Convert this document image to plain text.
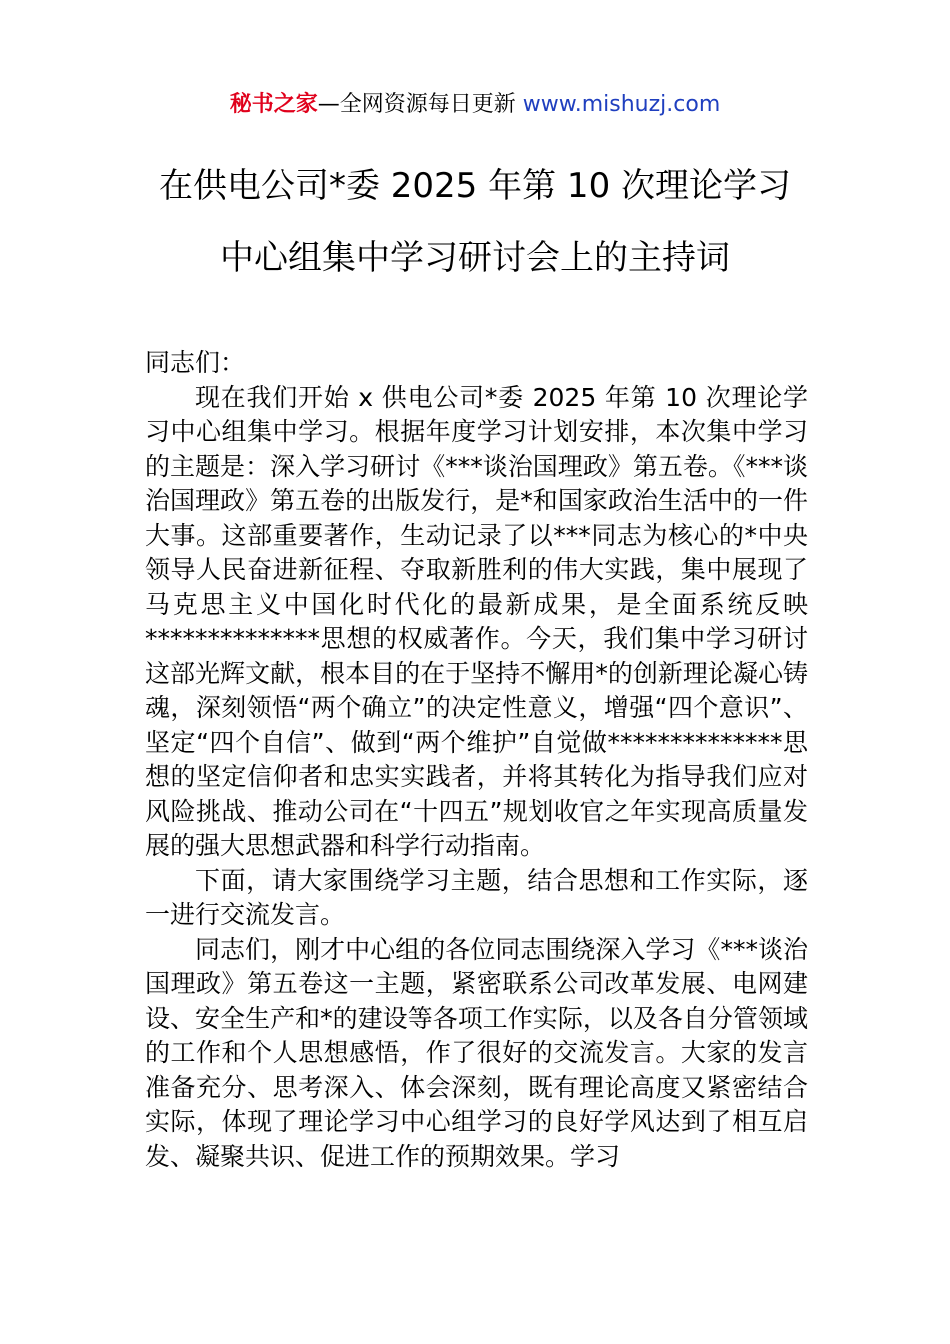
秘书之家—全网资源每日更新 www.mishuzj.com
在供电公司*委 2025 年第 10 次理论学习
中心组集中学习研讨会上的主持词

同志们：

现在我们开始 x 供电公司*委 2025 年第 10 次理论学习中心组集中学习。根据年度学习计划安排，本次集中学习的主题是：深入学习研讨《***谈治国理政》第五卷。《***谈治国理政》第五卷的出版发行，是*和国家政治生活中的一件大事。这部重要著作，生动记录了以***同志为核心的*中央领导人民奋进新征程、夺取新胜利的伟大实践，集中展现了马克思主义中国化时代化的最新成果，是全面系统反映**************思想的权威著作。今天，我们集中学习研讨这部光辉文献，根本目的在于坚持不懈用*的创新理论凝心铸魂，深刻领悟“两个确立”的决定性意义，增强“四个意识”、坚定“四个自信”、做到“两个维护”自觉做**************思想的坚定信仰者和忠实实践者，并将其转化为指导我们应对风险挑战、推动公司在“十四五”规划收官之年实现高质量发展的强大思想武器和科学行动指南。

下面，请大家围绕学习主题，结合思想和工作实际，逐一进行交流发言。

同志们，刚才中心组的各位同志围绕深入学习《***谈治国理政》第五卷这一主题，紧密联系公司改革发展、电网建设、安全生产和*的建设等各项工作实际，以及各自分管领域的工作和个人思想感悟，作了很好的交流发言。大家的发言准备充分、思考深入、体会深刻，既有理论高度又紧密结合实际，体现了理论学习中心组学习的良好学风达到了相互启发、凝聚共识、促进工作的预期效果。学习
